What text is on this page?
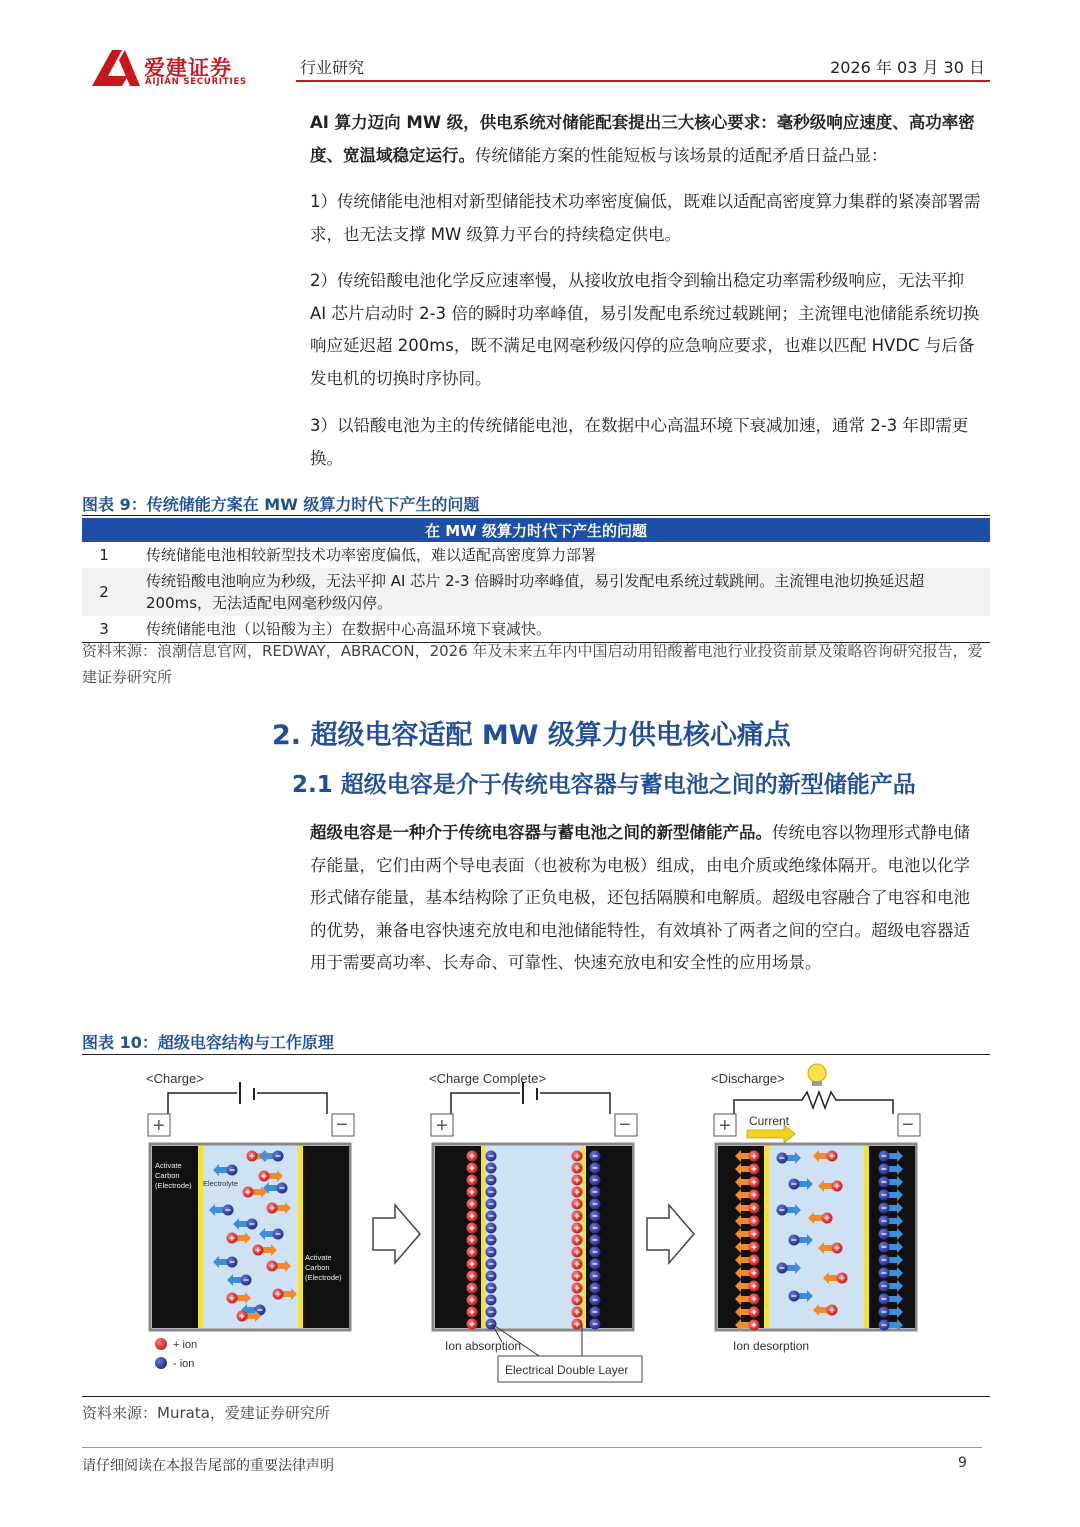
爱建证券
AIJIAN SECURITIES
行业研究	2026 年 03 月 30 日
AI 算力迈向 MW 级，供电系统对储能配套提出三大核心要求：毫秒级响应速度、高功率密度、宽温域稳定运行。传统储能方案的性能短板与该场景的适配矛盾日益凸显：
1）传统储能电池相对新型储能技术功率密度偏低，既难以适配高密度算力集群的紧凑部署需求，也无法支撑 MW 级算力平台的持续稳定供电。
2）传统铅酸电池化学反应速率慢，从接收放电指令到输出稳定功率需秒级响应，无法平抑 AI 芯片启动时 2-3 倍的瞬时功率峰值，易引发配电系统过载跳闸；主流锂电池储能系统切换响应延迟超 200ms，既不满足电网毫秒级闪停的应急响应要求，也难以匹配 HVDC 与后备发电机的切换时序协同。
3）以铅酸电池为主的传统储能电池，在数据中心高温环境下衰减加速，通常 2-3 年即需更换。
图表 9：传统储能方案在 MW 级算力时代下产生的问题
在 MW 级算力时代下产生的问题	
1	传统储能电池相较新型技术功率密度偏低，难以适配高密度算力部署
2	传统铅酸电池响应为秒级，无法平抑 AI 芯片 2-3 倍瞬时功率峰值，易引发配电系统过载跳闸。主流锂电池切换延迟超 200ms，无法适配电网毫秒级闪停。
3	传统储能电池（以铅酸为主）在数据中心高温环境下衰减快。
资料来源：浪潮信息官网，REDWAY，ABRACON，2026 年及未来五年内中国启动用铅酸蓄电池行业投资前景及策略咨询研究报告，爱建证券研究所
2. 超级电容适配 MW 级算力供电核心痛点
2.1 超级电容是介于传统电容器与蓄电池之间的新型储能产品
超级电容是一种介于传统电容器与蓄电池之间的新型储能产品。传统电容以物理形式静电储存能量，它们由两个导电表面（也被称为电极）组成，由电介质或绝缘体隔开。电池以化学形式储存能量，基本结构除了正负电极，还包括隔膜和电解质。超级电容融合了电容和电池的优势，兼备电容快速充放电和电池储能特性，有效填补了两者之间的空白。超级电容器适用于需要高功率、长寿命、可靠性、快速充放电和安全性的应用场景。
图表 10：超级电容结构与工作原理
<Charge>	<Charge Complete>	<Discharge>
+	−
Activate Carbon (Electrode) Electrolyte
Activate Carbon (Electrode)
+ ion
- ion
+	−
Ion absorption
Electrical Double Layer
+	−
Current
Ion desorption
资料来源：Murata，爱建证券研究所
请仔细阅读在本报告尾部的重要法律声明	9
